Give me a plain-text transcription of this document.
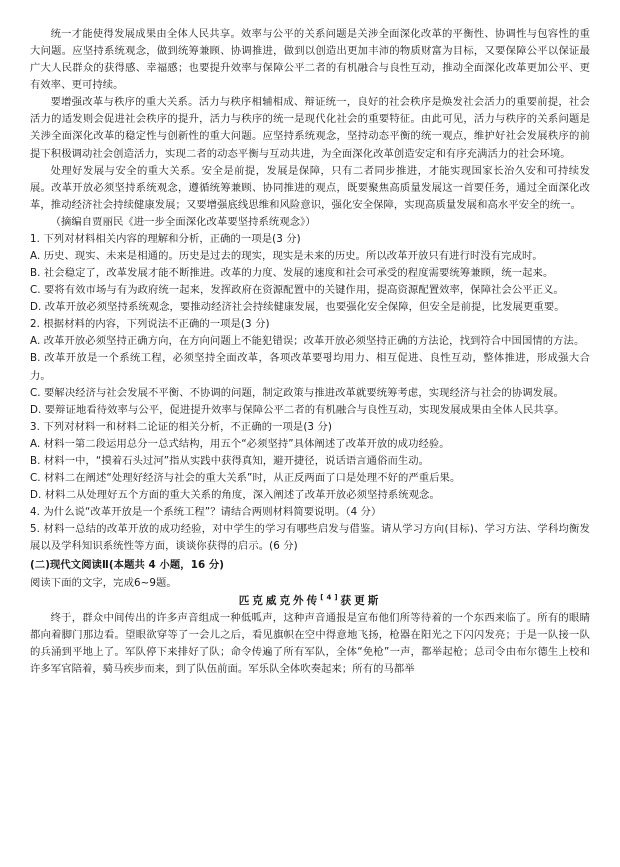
统一才能使得发展成果由全体人民共享。效率与公平的关系问题是关涉全面深化改革的平衡性、协调性与包容性的重大问题。应坚持系统观念，做到统筹兼顾、协调推进，做到以创造出更加丰沛的物质财富为目标，又要保障公平以保证最广大人民群众的获得感、幸福感；也要提升效率与保障公平二者的有机融合与良性互动，推动全面深化改革更加公平、更有效率、更可持续。

要增强改革与秩序的重大关系。活力与秩序相辅相成、辩证统一，良好的社会秩序是焕发社会活力的重要前提，社会活力的适发则会促进社会秩序的提升，活力与秩序的统一是现代化社会的重要特征。由此可见，活力与秩序的关系问题是关涉全面深化改革的稳定性与创新性的重大问题。应坚持系统观念，坚持动态平衡的统一观点，维护好社会发展秩序的前提下积极调动社会创造活力，实现二者的动态平衡与互动共进，为全面深化改革创造安定和有序充满活力的社会环境。

处理好发展与安全的重大关系。安全是前提，发展是保障，只有二者同步推进，才能实现国家长治久安和可持续发展。改革开放必须坚持系统观念，遵循统筹兼顾、协同推进的观点，既要聚焦高质量发展这一首要任务，通过全面深化改革，推动经济社会持续健康发展；又要增强底线思维和风险意识，强化安全保障，实现高质量发展和高水平安全的统一。

（摘编自贾丽民《进一步全面深化改革要坚持系统观念》）

1. 下列对材料相关内容的理解和分析，正确的一项是(3 分)

A. 历史、现实、未来是相通的。历史是过去的现实，现实是未来的历史。所以改革开放只有进行时没有完成时。

B. 社会稳定了，改革发展才能不断推进。改革的力度、发展的速度和社会可承受的程度需要统筹兼顾，统一起来。

C. 要将有效市场与有为政府统一起来，发挥政府在资源配置中的关键作用，提高资源配置效率，保障社会公平正义。

D. 改革开放必须坚持系统观念，要推动经济社会持续健康发展，也要强化安全保障，但安全是前提，比发展更重要。

2. 根据材料的内容，下列说法不正确的一项是(3 分)

A. 改革开放必须坚持正确方向，在方向问题上不能犯错误；改革开放必须坚持正确的方法论，找到符合中国国情的方法。

B. 改革开放是一个系统工程，必须坚持全面改革，各项改革要평均用力、相互促进、良性互动，整体推进，形成强大合力。

C. 要解决经济与社会发展不平衡、不协调的问题，制定政策与推进改革就要统筹考虑，实现经济与社会的协调发展。

D. 要辩证地看待效率与公平，促进提升效率与保障公平二者的有机融合与良性互动，实现发展成果由全体人民共享。

3. 下列对材料一和材料二论证的相关分析，不正确的一项是(3 分)

A. 材料一第二段运用总分一总式结构，用五个“必须坚持”具体阐述了改革开放的成功经验。

B. 材料一中，“摸着石头过河”指从实践中获得真知，避开捷径，说话语言通俗而生动。

C. 材料二在阐述“处理好经济与社会的重大关系”时，从正反两面了口是处理不好的严重后果。

D. 材料二从处理好五个方面的重大关系的角度，深入阐述了改革开放必须坚持系统观念。

4. 为什么说“改革开放是一个系统工程”？请结合两则材料简要说明。（4 分）

5. 材料一总结的改革开放的成功经验，对中学生的学习有哪些启发与借鉴。请从学习方向(目标)、学习方法、学科均衡发展以及学科知识系统性等方面，谈谈你获得的启示。(6 分)

(二)现代文阅读Ⅱ(本题共 4 小题，16 分)

阅读下面的文字，完成6~9题。

匹克威克外传[4]获更斯

终于，群众中间传出的许多声音组成一种低呱声，这种声音通报是宣布他们所等待着的一个东西来临了。所有的眼睛都向着脚门那边看。望眼欲穿等了一会儿之后，看见旗帜在空中得意地飞扬，枪器在阳光之下闪闪发亮；于是一队接一队的兵涌到平地上了。军队停下来排好了队；命令传遍了所有军队，全体“免枪”一声，都举起枪；总司令由布尔德生上校和许多军官陪着，骑马疾步而来，到了队伍前面。军乐队全体吹奏起来；所有的马都举
